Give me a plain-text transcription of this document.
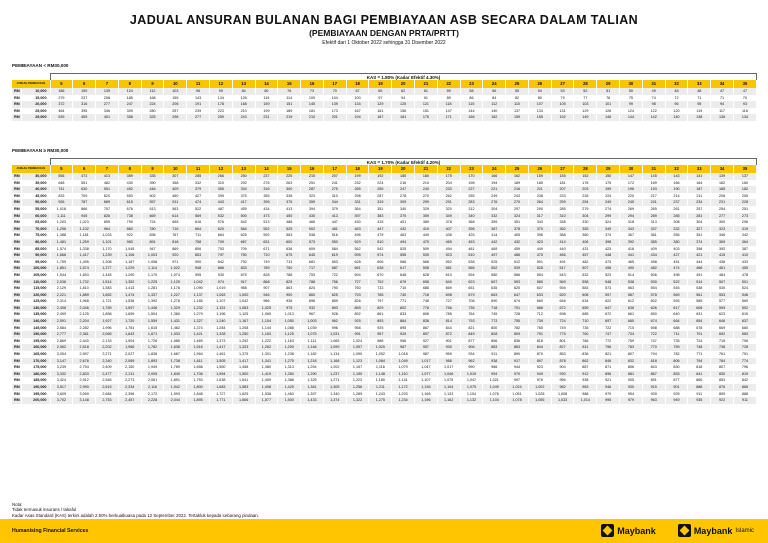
JADUAL ANSURAN BULANAN BAGI PEMBIAYAAN ASB SECARA DALAM TALIAN
(PEMBIAYAAN DENGAN PRTA/PRTT)
Efektif dari 1 Oktober 2022 sehingga 31 Disember 2022
PEMBIAYAAN < RM30,000
KAS = 1.80% (Kadar Efektif 4.30%)
JUMLAH PEMBIAYAAN		5	6	7	8	9	10	11	12	13	14	15	16	17	18	19	20	21	22	23	24	25	26	27	28	29	30	31	32	33	34	35
RM	10,000	186	159	139	124	112	103	96	90	84	80	76	73	70	67	65	62	61	59	58	56	55	54	53	52	51	50	49	48	48	47	47
RM	15,000	279	237	208	185	168	155	143	134	126	119	114	109	104	100	97	94	91	89	86	84	82	80	79	77	76	75	74	72	71	71	70
RM	20,000	372	316	277	247	224	206	191	178	168	159	151	145	139	134	129	125	121	118	115	112	110	107	105	103	101	99	98	96	95	94	93
RM	25,000	464	395	346	309	280	257	239	223	210	199	189	181	173	167	161	156	151	147	144	140	137	134	131	129	126	124	122	120	119	117	116
RM	29,000	539	459	401	358	325	298	277	259	243	231	219	210	201	194	187	181	175	171	166	162	159	155	152	149	146	144	142	140	138	136	134
PEMBIAYAAN ≥ RM30,000
KAS = 1.70% (Kadar Efektif 4.20%)
JUMLAH PEMBIAYAAN		5	6	7	8	9	10	11	12	13	14	15	16	17	18	19	20	21	22	23	24	25	26	27	28	29	30	31	32	33	34	35
RM	30,000	556	473	413	369	335	307	285	266	250	237	225	215	207	199	192	185	180	175	170	166	162	159	155	152	150	147	145	143	141	139	137
RM	35,000	648	551	482	430	390	358	332	310	292	276	263	251	241	232	224	216	210	204	198	194	189	185	181	178	175	172	169	166	164	162	160
RM	40,000	741	630	551	492	446	409	379	355	334	316	300	287	275	265	255	247	240	233	227	221	216	211	207	203	199	196	193	190	187	185	182
RM	45,000	833	709	620	553	502	460	427	399	375	355	338	323	310	298	287	278	270	262	255	249	243	238	233	228	224	220	217	214	211	208	205
RM	50,000	926	787	689	615	557	511	474	443	417	395	375	359	344	331	319	309	299	291	283	276	270	264	259	254	249	245	241	237	234	231	228
RM	55,000	1,018	866	757	676	613	563	522	487	459	434	413	394	379	364	351	340	329	320	312	304	297	290	285	279	274	269	265	261	257	254	251
RM	60,000	1,111	945	826	738	669	614	569	532	500	473	450	430	413	397	383	370	359	349	340	332	324	317	310	304	299	294	289	285	281	277	273
RM	65,000	1,203	1,023	895	799	724	665	616	576	542	513	488	466	447	430	415	401	389	378	368	359	351	343	336	330	324	318	313	308	304	300	296
RM	70,000	1,296	1,102	964	860	780	716	664	620	584	552	525	502	481	463	447	432	419	407	396	387	378	370	362	355	349	343	337	332	327	323	319
RM	75,000	1,388	1,181	1,033	922	836	767	711	664	625	592	563	538	516	496	479	463	449	436	425	414	405	396	388	380	374	367	361	356	351	346	342
RM	80,000	1,481	1,259	1,101	983	891	818	758	709	667	631	600	573	550	529	510	494	479	465	453	442	432	423	414	406	398	392	385	380	374	369	364
RM	85,000	1,574	1,338	1,170	1,045	947	869	806	753	709	671	638	609	584	562	542	525	509	494	481	469	459	449	440	431	423	416	409	403	398	392	387
RM	90,000	1,666	1,417	1,239	1,106	1,003	920	853	797	750	710	675	645	619	595	574	555	539	523	510	497	486	475	466	457	448	441	434	427	421	415	410
RM	95,000	1,759	1,495	1,308	1,167	1,058	971	900	842	792	749	713	681	653	628	606	586	568	552	538	525	512	501	491	482	473	465	458	451	444	438	433
RM	100,000	1,851	1,574	1,377	1,229	1,114	1,022	948	886	833	789	750	717	687	661	638	617	598	581	566	552	539	528	517	507	498	490	482	474	468	461	455
RM	105,000	1,944	1,653	1,445	1,290	1,170	1,074	995	930	875	828	788	753	722	694	670	648	628	610	594	580	566	554	543	532	523	514	506	498	491	484	478
RM	110,000	2,036	1,732	1,514	1,352	1,225	1,125	1,042	974	917	868	825	788	756	727	702	679	658	640	623	607	593	580	569	558	548	538	530	522	514	507	501
RM	115,000	2,129	1,810	1,583	1,413	1,281	1,176	1,090	1,019	958	907	863	824	790	760	733	710	688	669	651	635	620	607	594	583	573	563	554	545	538	530	524
RM	120,000	2,221	1,889	1,652	1,474	1,337	1,227	1,137	1,063	1,000	946	900	860	825	793	765	740	718	698	679	663	647	633	620	608	597	587	578	569	561	553	546
RM	125,000	2,314	1,968	1,721	1,536	1,392	1,278	1,185	1,107	1,042	986	938	896	859	826	797	771	748	727	708	690	674	660	646	634	622	612	602	593	585	577	569
RM	130,000	2,406	2,046	1,789	1,597	1,448	1,329	1,232	1,151	1,083	1,025	975	932	893	859	829	802	778	756	736	718	701	686	672	659	647	636	626	617	608	599	592
RM	135,000	2,499	2,125	1,858	1,659	1,504	1,380	1,279	1,196	1,125	1,065	1,013	967	928	892	861	833	808	785	764	745	728	712	698	685	672	661	650	640	631	623	615
RM	140,000	2,591	2,204	1,927	1,720	1,559	1,431	1,327	1,240	1,167	1,104	1,050	1,003	962	925	893	864	838	814	793	773	755	739	724	710	697	685	674	664	654	646	637
RM	145,000	2,684	2,282	1,996	1,781	1,615	1,482	1,374	1,284	1,208	1,144	1,088	1,039	996	958	925	895	867	843	821	800	782	765	749	735	722	710	698	688	678	669	660
RM	150,000	2,777	2,361	2,065	1,843	1,671	1,533	1,421	1,328	1,250	1,183	1,125	1,075	1,031	991	957	925	897	872	849	828	809	791	775	760	747	734	722	711	701	692	683
RM	155,000	2,869	2,440	2,133	1,904	1,726	1,585	1,469	1,373	1,292	1,222	1,163	1,111	1,065	1,024	988	956	927	901	877	856	836	818	801	786	772	759	747	735	724	715	706
RM	160,000	2,962	2,518	2,202	1,966	1,782	1,636	1,516	1,417	1,333	1,262	1,200	1,146	1,099	1,057	1,020	987	957	930	906	883	863	844	827	811	796	783	770	759	748	738	728
RM	165,000	3,054	2,597	2,271	2,027	1,838	1,687	1,564	1,461	1,375	1,301	1,238	1,182	1,134	1,090	1,052	1,018	987	959	934	911	890	870	853	836	821	807	794	782	771	761	751
RM	170,000	3,147	2,676	2,340	2,089	1,893	1,738	1,611	1,505	1,417	1,341	1,275	1,218	1,168	1,123	1,084	1,049	1,017	988	962	938	917	897	878	862	846	832	818	806	794	784	774
RM	175,000	3,239	2,754	2,409	2,150	1,949	1,789	1,658	1,550	1,458	1,380	1,313	1,254	1,202	1,157	1,116	1,079	1,047	1,017	990	966	944	923	904	887	871	856	843	830	818	807	796
RM	180,000	3,332	2,833	2,477	2,211	2,005	1,840	1,706	1,594	1,500	1,419	1,350	1,290	1,237	1,190	1,148	1,110	1,077	1,046	1,019	994	970	949	930	912	896	881	867	853	841	830	819
RM	185,000	3,424	2,912	2,546	2,273	2,061	1,891	1,753	1,638	1,541	1,459	1,388	1,325	1,271	1,223	1,180	1,141	1,107	1,075	1,047	1,021	997	976	956	938	921	905	891	877	865	853	842
RM	190,000	3,517	2,990	2,615	2,334	2,116	1,942	1,800	1,683	1,583	1,498	1,425	1,361	1,305	1,256	1,211	1,172	1,136	1,104	1,075	1,049	1,024	1,002	982	963	946	930	915	901	888	876	865
RM	195,000	3,609	3,069	2,684	2,396	2,172	1,993	1,848	1,727	1,625	1,538	1,463	1,397	1,340	1,289	1,243	1,203	1,166	1,133	1,104	1,076	1,051	1,028	1,008	988	970	954	939	925	911	899	888
RM	200,000	3,702	3,148	2,753	2,457	2,228	2,044	1,895	1,771	1,666	1,577	1,500	1,433	1,374	1,322	1,275	1,234	1,196	1,162	1,132	1,104	1,078	1,055	1,033	1,014	995	979	963	949	935	922	911
Nota:
Tidak termasuk insurans / takaful
Kadar Asas Standard (KAS) terkini adalah 2.50% berkuatkuasa pada 12 September 2022. Tertakluk kepada sebarang pindaan.
Humanising Financial Services	Maybank	Maybank Islamic
